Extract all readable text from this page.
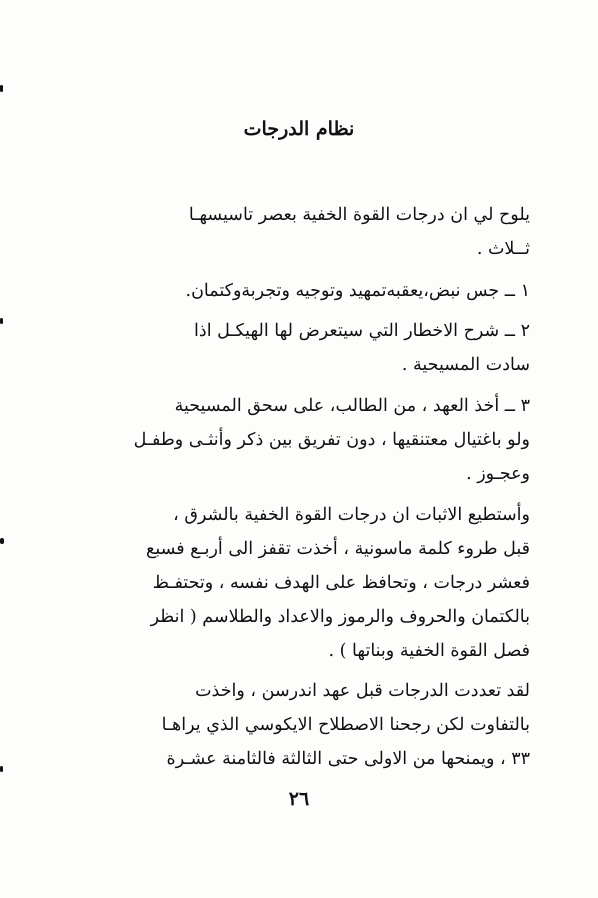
نظام الدرجات
يلوح لي ان درجات القوة الخفية بعصر تاسيسهـا
ثــلاث .
١ ــ جس نبض،يعقبه‌تمهيد وتوجيه وتجربة‌وكتمان.
٢ ــ شرح الاخطار التي سيتعرض لها الهيكـل اذا
سادت المسيحية .
٣ ــ أخذ العهد ، من الطالب، على سحق المسيحية
ولو باغتيال معتنقيها ، دون تفريق بين ذكر وأنثـى وطفـل
وعجـوز .
وأستطيع الاثبات ان درجات القوة الخفية بالشرق ،
قبل طروء كلمة ماسونية ، أخذت تقفز الى أربـع فسبع
فعشر درجات ، وتحافظ على الهدف نفسه ، وتحتفـظ
بالكتمان والحروف والرموز والاعداد والطلاسم ( انظر
فصل القوة الخفية وبناتها ) .
لقد تعددت الدرجات قبل عهد اندرسن ، واخذت
بالتفاوت لكن رجحنا الاصطلاح الايكوسي الذي يراهـا
٣٣ ، ويمنحها من الاولى حتى الثالثة فالثامنة عشـرة
٢٦
